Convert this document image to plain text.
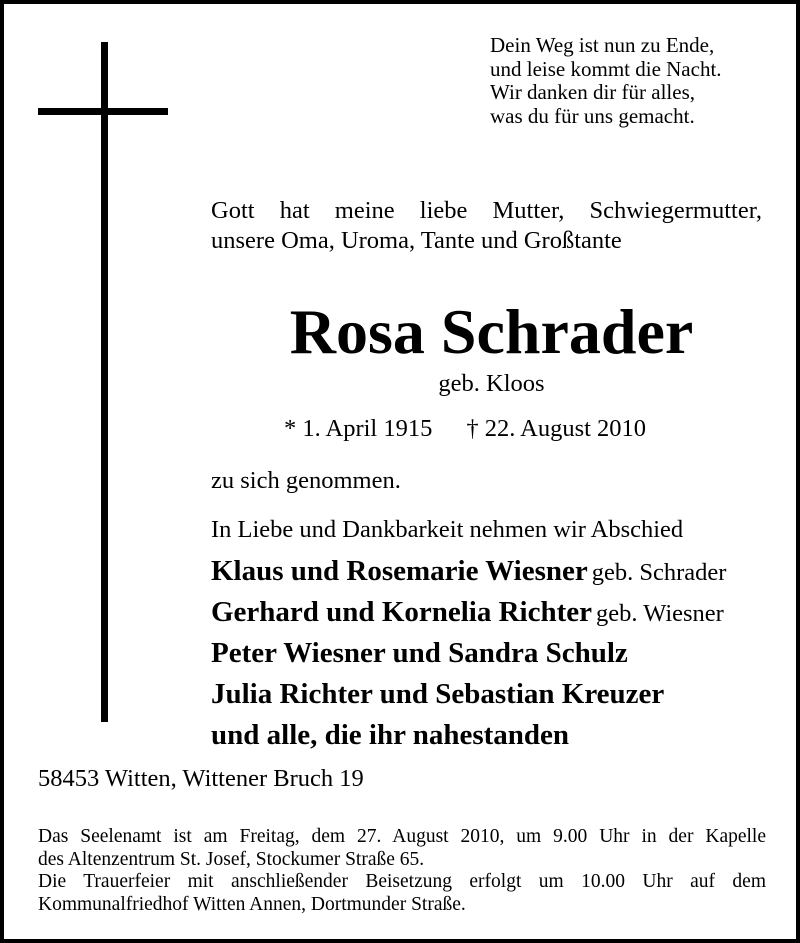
Dein Weg ist nun zu Ende,
und leise kommt die Nacht.
Wir danken dir für alles,
was du für uns gemacht.
Gott hat meine liebe Mutter, Schwiegermutter,
unsere Oma, Uroma, Tante und Großtante
Rosa Schrader
geb. Kloos
* 1. April 1915 † 22. August 2010
zu sich genommen.
In Liebe und Dankbarkeit nehmen wir Abschied
Klaus und Rosemarie Wiesner geb. Schrader
Gerhard und Kornelia Richter geb. Wiesner
Peter Wiesner und Sandra Schulz
Julia Richter und Sebastian Kreuzer
und alle, die ihr nahestanden
58453 Witten, Wittener Bruch 19
Das Seelenamt ist am Freitag, dem 27. August 2010, um 9.00 Uhr in der Kapelle
des Altenzentrum St. Josef, Stockumer Straße 65.
Die Trauerfeier mit anschließender Beisetzung erfolgt um 10.00 Uhr auf dem
Kommunalfriedhof Witten Annen, Dortmunder Straße.
